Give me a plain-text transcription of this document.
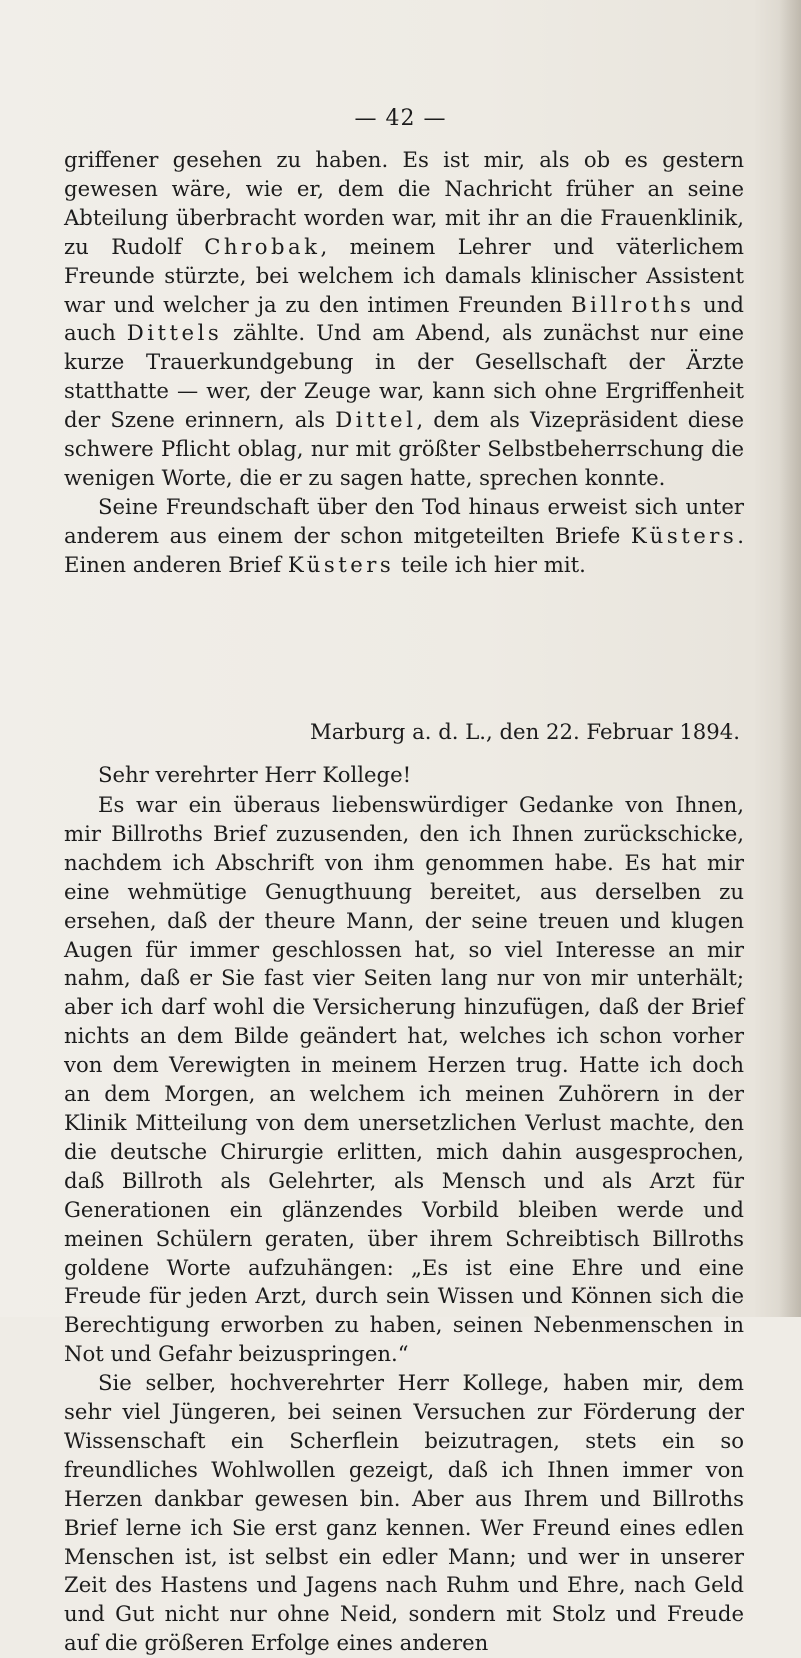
— 42 —

griffener gesehen zu haben. Es ist mir, als ob es gestern gewesen wäre, wie er, dem die Nachricht früher an seine Abteilung überbracht worden war, mit ihr an die Frauenklinik, zu Rudolf Chrobak, meinem Lehrer und väterlichem Freunde stürzte, bei welchem ich damals klinischer Assistent war und welcher ja zu den intimen Freunden Billroths und auch Dittels zählte. Und am Abend, als zunächst nur eine kurze Trauerkundgebung in der Gesellschaft der Ärzte statthatte — wer, der Zeuge war, kann sich ohne Ergriffenheit der Szene erinnern, als Dittel, dem als Vizepräsident diese schwere Pflicht oblag, nur mit größter Selbstbeherrschung die wenigen Worte, die er zu sagen hatte, sprechen konnte.

Seine Freundschaft über den Tod hinaus erweist sich unter anderem aus einem der schon mitgeteilten Briefe Küsters. Einen anderen Brief Küsters teile ich hier mit.

Marburg a. d. L., den 22. Februar 1894.
Sehr verehrter Herr Kollege!

Es war ein überaus liebenswürdiger Gedanke von Ihnen, mir Billroths Brief zuzusenden, den ich Ihnen zurückschicke, nachdem ich Abschrift von ihm genommen habe. Es hat mir eine wehmütige Genugthuung bereitet, aus derselben zu ersehen, daß der theure Mann, der seine treuen und klugen Augen für immer geschlossen hat, so viel Interesse an mir nahm, daß er Sie fast vier Seiten lang nur von mir unterhält; aber ich darf wohl die Versicherung hinzufügen, daß der Brief nichts an dem Bilde geändert hat, welches ich schon vorher von dem Verewigten in meinem Herzen trug. Hatte ich doch an dem Morgen, an welchem ich meinen Zuhörern in der Klinik Mitteilung von dem unersetzlichen Verlust machte, den die deutsche Chirurgie erlitten, mich dahin ausgesprochen, daß Billroth als Gelehrter, als Mensch und als Arzt für Generationen ein glänzendes Vorbild bleiben werde und meinen Schülern geraten, über ihrem Schreibtisch Billroths goldene Worte aufzuhängen: „Es ist eine Ehre und eine Freude für jeden Arzt, durch sein Wissen und Können sich die Berechtigung erworben zu haben, seinen Nebenmenschen in Not und Gefahr beizuspringen.“

Sie selber, hochverehrter Herr Kollege, haben mir, dem sehr viel Jüngeren, bei seinen Versuchen zur Förderung der Wissenschaft ein Scherflein beizutragen, stets ein so freundliches Wohlwollen gezeigt, daß ich Ihnen immer von Herzen dankbar gewesen bin. Aber aus Ihrem und Billroths Brief lerne ich Sie erst ganz kennen. Wer Freund eines edlen Menschen ist, ist selbst ein edler Mann; und wer in unserer Zeit des Hastens und Jagens nach Ruhm und Ehre, nach Geld und Gut nicht nur ohne Neid, sondern mit Stolz und Freude auf die größeren Erfolge eines anderen
